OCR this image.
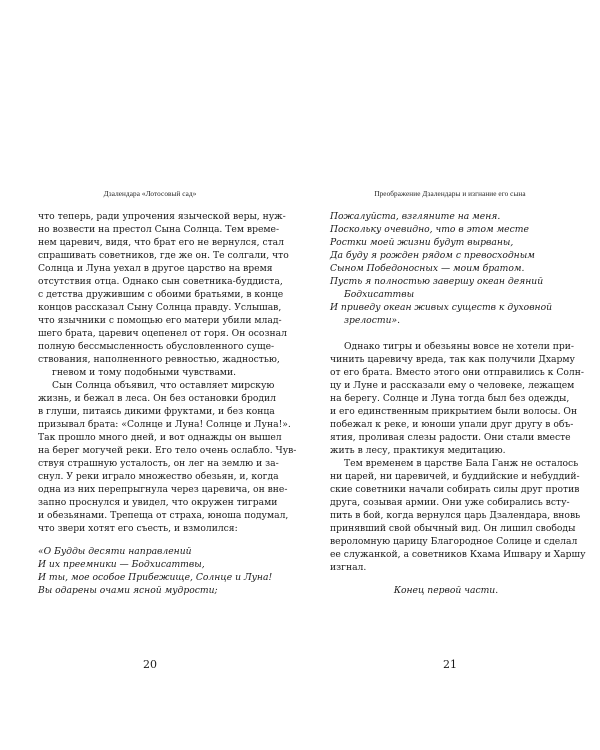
Дзалендара «Лотосовый сад»
что теперь, ради упрочения языческой веры, нуж-
но возвести на престол Сына Солнца. Тем време-
нем царевич, видя, что брат его не вернулся, стал
спрашивать советников, где же он. Те солгали, что
Солнца и Луна уехал в другое царство на время
отсутствия отца. Однако сын советника-буддиста,
с детства дружившим с обоими братьями, в конце
концов рассказал Сыну Солнца правду. Услышав,
что язычники с помощью его матери убили млад-
шего брата, царевич оцепенел от горя. Он осознал
полную бессмысленность обусловленного суще-
ствования, наполненного ревностью, жадностью,
гневом и тому подобными чувствами.
Сын Солнца объявил, что оставляет мирскую
жизнь, и бежал в леса. Он без остановки бродил
в глуши, питаясь дикими фруктами, и без конца
призывал брата: «Солнце и Луна! Солнце и Луна!».
Так прошло много дней, и вот однажды он вышел
на берег могучей реки. Его тело очень ослабло. Чув-
ствуя страшную усталость, он лег на землю и за-
снул. У реки играло множество обезьян, и, когда
одна из них перепрыгнула через царевича, он вне-
запно проснулся и увидел, что окружен тиграми
и обезьянами. Трепеща от страха, юноша подумал,
что звери хотят его съесть, и взмолился:
«О Будды десяти направлений
И их преемники — Бодхисаттвы,
И ты, мое особое Прибежище, Солнце и Луна!
Вы одарены очами ясной мудрости;
20
Преображение Дзалендары и изгнание его сына
21
Пожалуйста, взгляните на меня.
Поскольку очевидно, что в этом месте
Ростки моей жизни будут вырваны,
Да буду я рожден рядом с превосходным
Сыном Победоносных — моим братом.
Пусть я полностью завершу океан деяний
Бодхисаттвы
И приведу океан живых существ к духовной
зрелости».
Однако тигры и обезьяны вовсе не хотели при-
чинить царевичу вреда, так как получили Дхарму
от его брата. Вместо этого они отправились к Солн-
цу и Луне и рассказали ему о человеке, лежащем
на берегу. Солнце и Луна тогда был без одежды,
и его единственным прикрытием были волосы. Он
побежал к реке, и юноши упали друг другу в объ-
ятия, проливая слезы радости. Они стали вместе
жить в лесу, практикуя медитацию.
Тем временем в царстве Бала Ганж не осталось
ни царей, ни царевичей, и буддийские и небуддий-
ские советники начали собирать силы друг против
друга, созывая армии. Они уже собирались всту-
пить в бой, когда вернулся царь Дзалендара, вновь
принявший свой обычный вид. Он лишил свободы
вероломную царицу Благородное Солице и сделал
ее служанкой, а советников Кхама Ишвару и Харшу
изгнал.
Конец первой части.
